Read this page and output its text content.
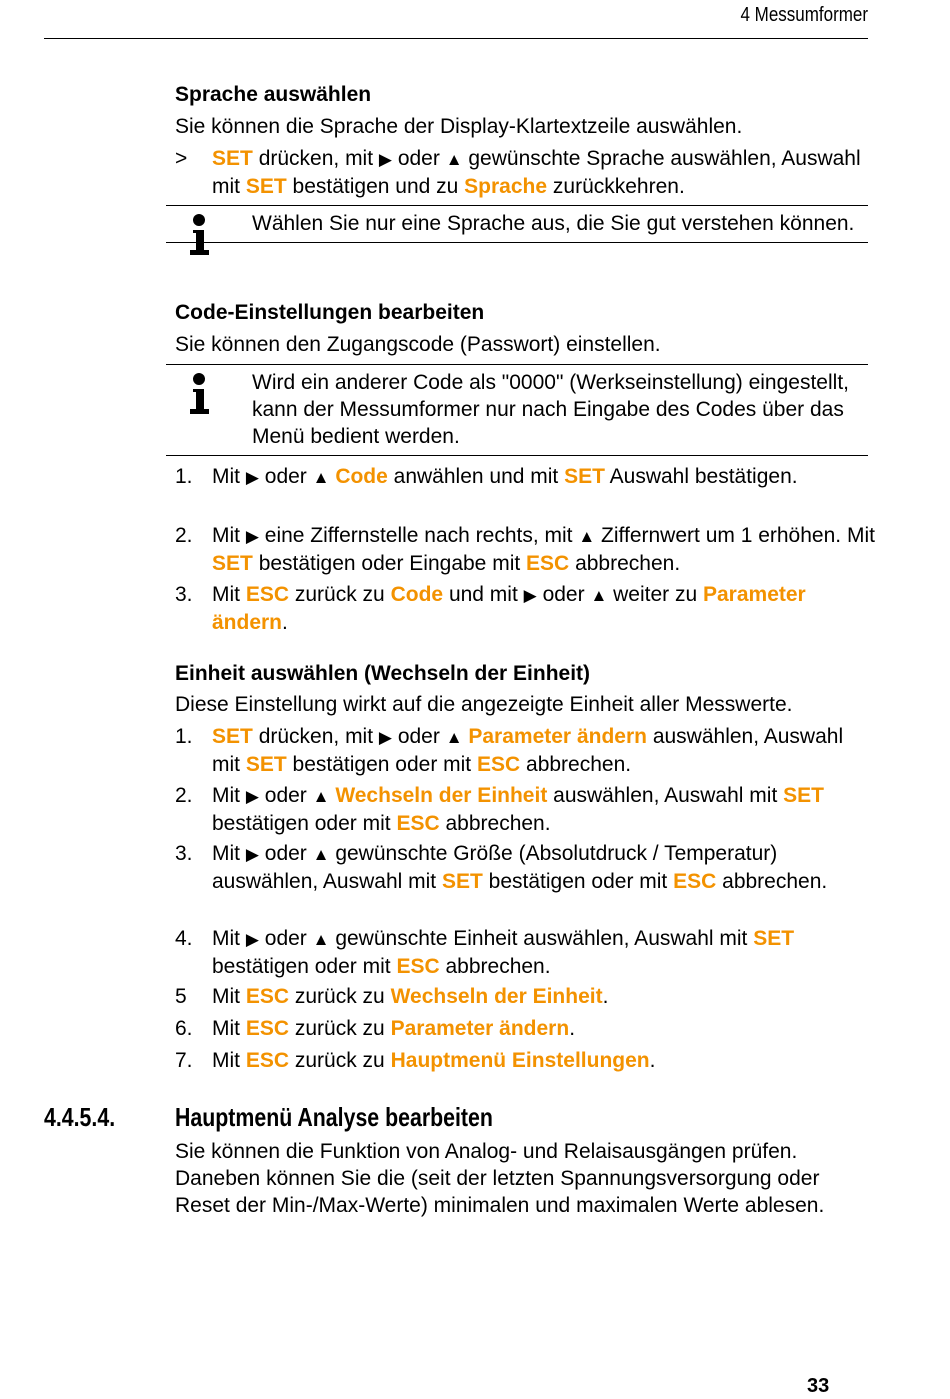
4 Messumformer
Sprache auswählen
Sie können die Sprache der Display-Klartextzeile auswählen.
> SET drücken, mit ▶ oder ▲ gewünschte Sprache auswählen, Auswahl mit SET bestätigen und zu Sprache zurückkehren.
Wählen Sie nur eine Sprache aus, die Sie gut verstehen können.
Code-Einstellungen bearbeiten
Sie können den Zugangscode (Passwort) einstellen.
Wird ein anderer Code als "0000" (Werkseinstellung) eingestellt, kann der Messumformer nur nach Eingabe des Codes über das Menü bedient werden.
1. Mit ▶ oder ▲ Code anwählen und mit SET Auswahl bestätigen.
2. Mit ▶ eine Ziffernstelle nach rechts, mit ▲ Ziffernwert um 1 erhöhen. Mit SET bestätigen oder Eingabe mit ESC abbrechen.
3. Mit ESC zurück zu Code und mit ▶ oder ▲ weiter zu Parameter ändern.
Einheit auswählen (Wechseln der Einheit)
Diese Einstellung wirkt auf die angezeigte Einheit aller Messwerte.
1. SET drücken, mit ▶ oder ▲ Parameter ändern auswählen, Auswahl mit SET bestätigen oder mit ESC abbrechen.
2. Mit ▶ oder ▲ Wechseln der Einheit auswählen, Auswahl mit SET bestätigen oder mit ESC abbrechen.
3. Mit ▶ oder ▲ gewünschte Größe (Absolutdruck / Temperatur) auswählen, Auswahl mit SET bestätigen oder mit ESC abbrechen.
4. Mit ▶ oder ▲ gewünschte Einheit auswählen, Auswahl mit SET bestätigen oder mit ESC abbrechen.
5 Mit ESC zurück zu Wechseln der Einheit.
6. Mit ESC zurück zu Parameter ändern.
7. Mit ESC zurück zu Hauptmenü Einstellungen.
4.4.5.4. Hauptmenü Analyse bearbeiten
Sie können die Funktion von Analog- und Relaisausgängen prüfen. Daneben können Sie die (seit der letzten Spannungsversorgung oder Reset der Min-/Max-Werte) minimalen und maximalen Werte ablesen.
33
